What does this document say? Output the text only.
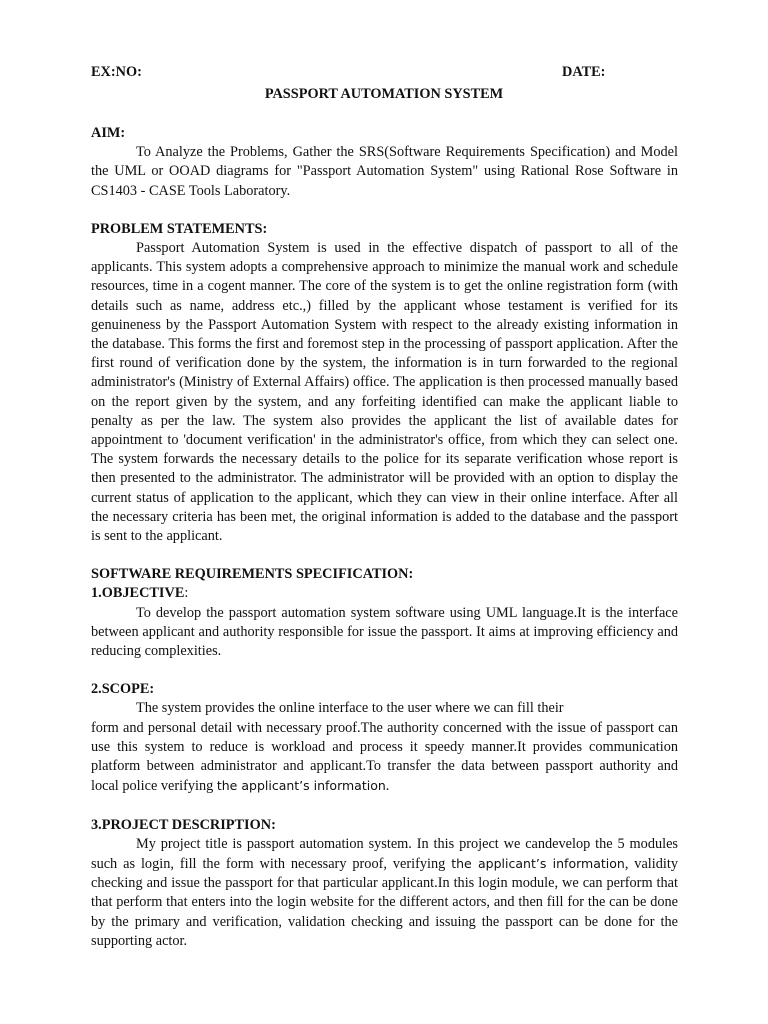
EX:NO:	DATE:
PASSPORT AUTOMATION SYSTEM

AIM:

To Analyze the Problems, Gather the SRS(Software Requirements Specification) and Model the UML or OOAD diagrams for "Passport Automation System" using Rational Rose Software in CS1403 - CASE Tools Laboratory.

PROBLEM STATEMENTS:

Passport Automation System is used in the effective dispatch of passport to all of the applicants. This system adopts a comprehensive approach to minimize the manual work and schedule resources, time in a cogent manner. The core of the system is to get the online registration form (with details such as name, address etc.,) filled by the applicant whose testament is verified for its genuineness by the Passport Automation System with respect to the already existing information in the database. This forms the first and foremost step in the processing of passport application. After the first round of verification done by the system, the information is in turn forwarded to the regional administrator's (Ministry of External Affairs) office. The application is then processed manually based on the report given by the system, and any forfeiting identified can make the applicant liable to penalty as per the law. The system also provides the applicant the list of available dates for appointment to 'document verification' in the administrator's office, from which they can select one. The system forwards the necessary details to the police for its separate verification whose report is then presented to the administrator. The administrator will be provided with an option to display the current status of application to the applicant, which they can view in their online interface. After all the necessary criteria has been met, the original information is added to the database and the passport is sent to the applicant.

SOFTWARE REQUIREMENTS SPECIFICATION:

1.OBJECTIVE:

To develop the passport automation system software using UML language.It is the interface between applicant and authority responsible for issue the passport. It aims at improving efficiency and reducing complexities.

2.SCOPE:

The system provides the online interface to the user where we can fill their

form and personal detail with necessary proof.The authority concerned with the issue of passport can use this system to reduce is workload and process it speedy manner.It provides communication platform between administrator and applicant.To transfer the data between passport authority and local police verifying the applicant’s information.

3.PROJECT DESCRIPTION:

My project title is passport automation system. In this project we candevelop the 5 modules such as login, fill the form with necessary proof, verifying the applicant’s information, validity checking and issue the passport for that particular applicant.In this login module, we can perform that that perform that enters into the login website for the different actors, and then fill for the can be done by the primary and verification, validation checking and issuing the passport can be done for the supporting actor.
